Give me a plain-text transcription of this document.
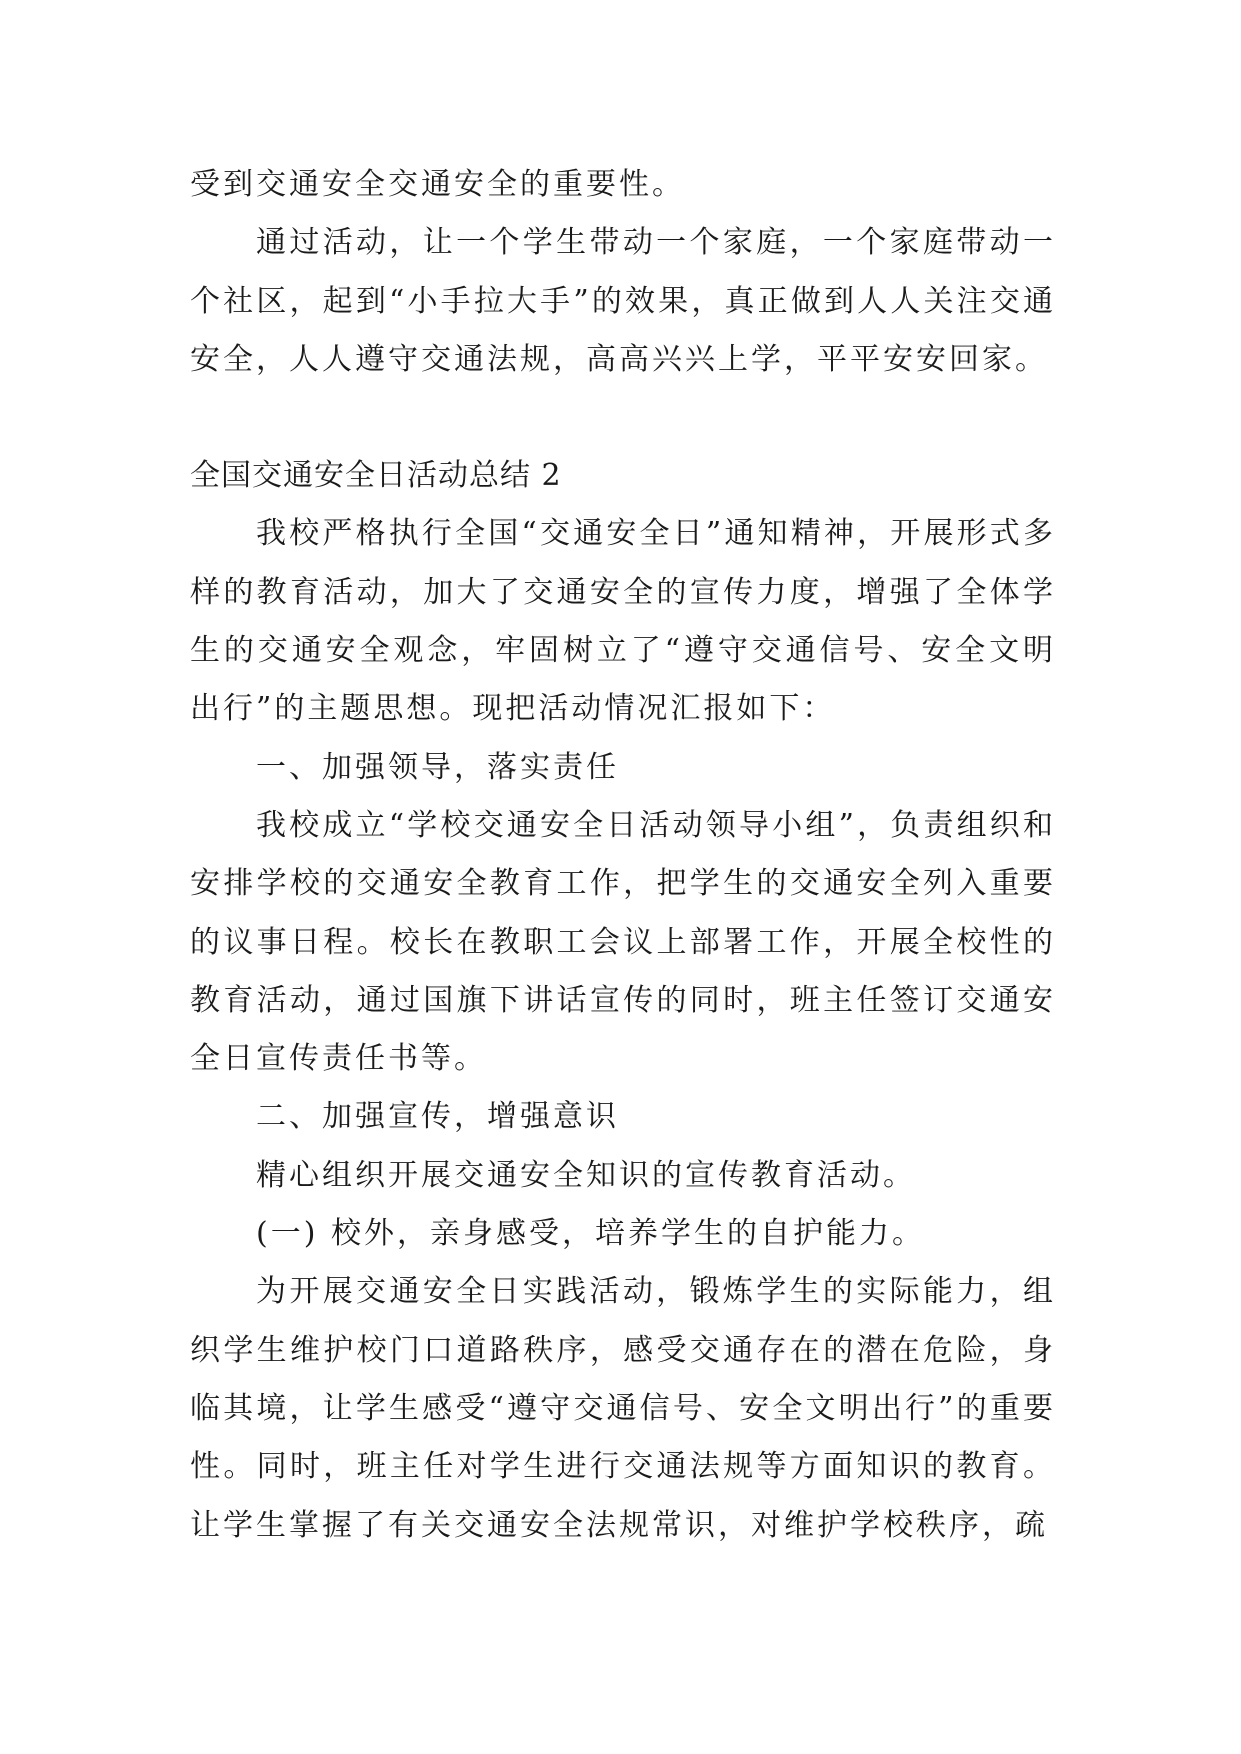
受到交通安全交通安全的重要性。

通过活动，让一个学生带动一个家庭，一个家庭带动一个社区，起到“小手拉大手”的效果，真正做到人人关注交通安全，人人遵守交通法规，高高兴兴上学，平平安安回家。

全国交通安全日活动总结 2

我校严格执行全国“交通安全日”通知精神，开展形式多样的教育活动，加大了交通安全的宣传力度，增强了全体学生的交通安全观念，牢固树立了“遵守交通信号、安全文明出行”的主题思想。现把活动情况汇报如下：

一、加强领导，落实责任

我校成立“学校交通安全日活动领导小组”，负责组织和安排学校的交通安全教育工作，把学生的交通安全列入重要的议事日程。校长在教职工会议上部署工作，开展全校性的教育活动，通过国旗下讲话宣传的同时，班主任签订交通安全日宣传责任书等。

二、加强宣传，增强意识

精心组织开展交通安全知识的宣传教育活动。

(一) 校外，亲身感受，培养学生的自护能力。

为开展交通安全日实践活动，锻炼学生的实际能力，组织学生维护校门口道路秩序，感受交通存在的潜在危险，身临其境，让学生感受“遵守交通信号、安全文明出行”的重要性。同时，班主任对学生进行交通法规等方面知识的教育。让学生掌握了有关交通安全法规常识，对维护学校秩序，疏
